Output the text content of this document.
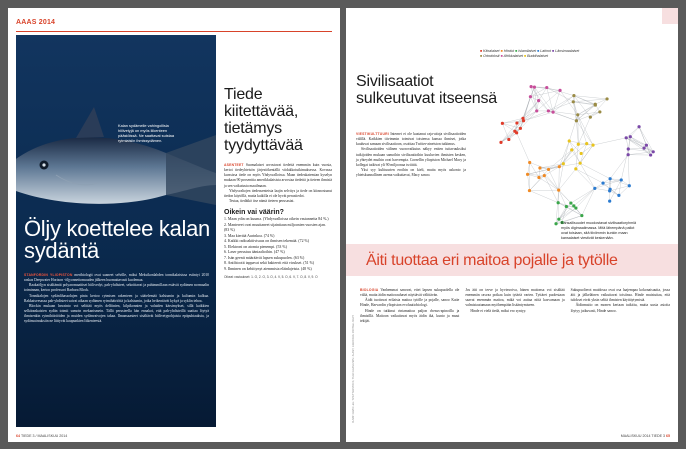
AAAS 2014
Kalan sydämelle vahingollisia hiilivetyjä on myös liikenteen päästöissä. Ne saattavat suistaa rytmiaisiin ihmissydämen.
Öljy koettelee kalan sydäntä

STANFORDIN YLIOPISTON meribiologit ovat saaneet selville, miksi Meksikonlahden tonnikalaisissa esiintyi 2010 raskas Deepwater Horizon -öljyonnettomuuden jälkeen huomattavasti kuolemaa.

Raakaöljyn sisältämät polyaromaattiset hiilivedyt, pah-yhdisteet, sekoittavat ja pahimmillaan estävät sydämen normaalin toiminnan, kertoo professori Barbara Block.

Tonnikalojen sydänlihassolujen pinta kertoo rytmisen rakenteen ja säätelemää kalsiumin ja kaliumin kulkua. Rakkaisvesassa pah-yhdisteet saivat aikaan sydämen rytmihäiriöitä ja kalsiumin, jotka heikentävät kykyä ja syklin tehoa.

Blockin mukaan havainto voi selittää myös delfiinien, kilpikonnien ja valaiden kärsimykset, sillä kaikkien selkärankaisten sydän toimii samoin mekanismein. Tällä perusteella hän ennakoi, että pah-yhdisteillä saattaa löytyä ihmisenkin rytmihäiriöiden ja muiden sydänvaivojen takaa. Ilmansaasteet sisältävät hiilivetypohjaisia epäpuhtauksia, ja sydänsairauksiin ne liittyvät kaupunkien liikenteestä.

Tiede kiitettävää, tietämys tyydyttävää

ASENTEET Suomalaiset arvostavat tiedettä enemmän kuin vuosia, kertoi tiedeyhteisön järjestökentällä viidakkotutkimuksessa. Kovassa kurssissa tiede on myös Yhdysvalloissa. Maan tiedeakatemian kyselyn mukaan 90 prosenttia amerikkalaisista arvostaa tiedettä ja tieteen ihmisiä ja sen vaikutusta maailmaan.

Yhdysvaltojen tiedeasenteista laajin selvitys ja tiede on kiinnostunut tiedon käytöllä, mutta kaikilla ei ole hyvät perustiedot.

Testaa, tiedätkö itse nämä tieteen perusasiat.

Oikein vai väärin?
1. Maan ydin on kuuma. (Yhdysvalloissa oikein vastanneita 84 %.)
2. Mantereet ovat muuttaneet sijaintiaan miljoonien vuosien ajan. (83 %)
3. Maa kiertää Aurinkoa. (74 %)
4. Kaikki radioaktiivisuus on ihmisen tekemää. (72 %)
5. Elektroni on atomia pienempi. (53 %)
6. Laser perustuu ääniaaltoihin. (47 %)
7. Isän geenit määräävät lapsen sukupuolen. (63 %)
8. Antibiootit tappavat sekä bakteerit että virukset. (51 %)
9. Ihminen on kehittynyt aiemmista eläinlajeista. (48 %)
Oikeat vastaukset: 1. O, 2. O, 3. O, 4. V, 5. O, 6. V, 7. O, 8. V, 9. O
64 TIEDE 3 / MAALISKUU 2014
■ Kiinalaiset ■ Hindut ■ Islamilaiset ■ Latinot ■ Länsimaalaiset
■ Ortodoksit ■ Afrikkalaiset ■ Buddhalaiset
Sivilisaatiot sulkeutuvat itseensä

VIESTIKULTTUURI Internet ei ole kaatanut raja-aitoja sivilisaatioiden välillä. Kaikkien tiivimmin toimivat toistensa kanssa ihmiset, jotka kuuluvat samaan sivilisaatioon, osoittaa Twitter-aineiston tutkimus.

Sivilisaatioiden välinen vuorovaikutus näkyy eniten tuttavuuksiksi tutkijoiden mukaan samoihin sivilisaatioihin kuuluvien ihmisten kesken, ja yhteydet muihin ovat harvempia. Cornellin yliopiston Michael Macy ja kollegat tutkivat yli 90 miljoonaa twiittiä.

Yksi syy kulttuurien eroihin on kieli, mutta myös uskonto ja yhteiskunnallinen asema vaikuttavat, Macy sanoo.

Kansallisuudet muodostavat sivilisaatioryhmiä myös digimaailmassa. Mitä lähempänä pallot ovat toisiaan, sitä tiiviimmin kunkin maan kansalaiset viestivät keskenään.
Äiti tuottaa eri maitoa pojalle ja tytölle
KUVAT: DAVID LEE / SHUTTERSTOCK, YUAN GUANGHAN / ALAMY, GRAFIIKKA: MICHAEL MACY

BIOLOGIA Vanhemmat sanovat, ettei lapsen sukupuolella ole väliä, mutta äidin maitorauhaset näyttävät välittävän.

Äidit tuottavat erilaista maitoa tytölle ja pojalle, sanoo Katie Hinde, Harvardin yliopiston evoluutiobiologi.

Hinde on tutkinut rintamaitoa paljon rhesus-apinoilla ja ihmisillä. Maitoon vaikuttavat myös äidin ikä, kunto ja muut tekijät.

Jos äiti on terve ja hyvinvoiva, hänen maitonsa voi sisältää enemmän rasvaa poikaa kuin tytärtä varten. Tyttäret puolestaan saavat enemmän maitoa, mikä voi auttaa niitä kasvamaan ja valmistautumaan myöhempään lisääntymiseen.

Hinde ei vielä tiedä, miksi ero syntyy.

Sukupuolierot maidossa ovat osa laajempaa kokonaisuutta, jossa äiti ja jälkeläinen vaikuttavat toisiinsa. Hinde muistuttaa, että tulokset eivät yksin selitä ihmisten käyttäytymistä.

Äidinmaito on monen kertaan tutkittu, mutta uusia asioita löytyy jatkuvasti, Hinde sanoo.

MAALISKUU 2014 TIEDE 3 65
